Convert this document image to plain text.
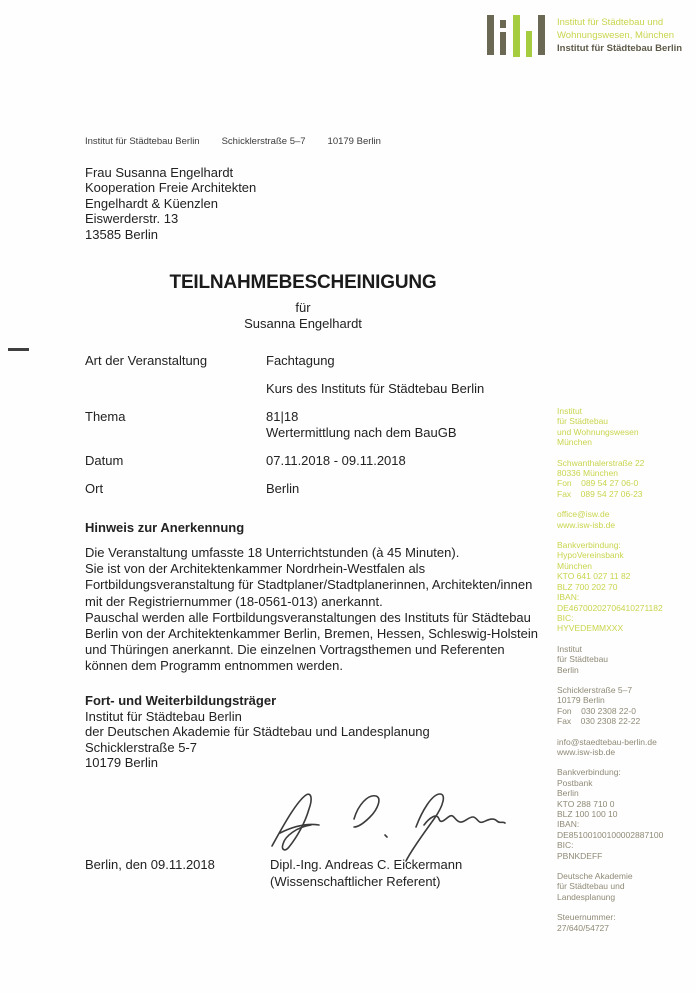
Institut für Städtebau und
Wohnungswesen, München
Institut für Städtebau Berlin
Institut für Städtebau Berlin Schicklerstraße 5–7 10179 Berlin
Frau Susanna Engelhardt
Kooperation Freie Architekten
Engelhardt & Küenzlen
Eiswerderstr. 13
13585 Berlin
TEILNAHMEBESCHEINIGUNG
für
Susanna Engelhardt
Art der Veranstaltung	Fachtagung
Kurs des Instituts für Städtebau Berlin
Thema	81|18
Wertermittlung nach dem BauGB
Datum	07.11.2018 - 09.11.2018
Ort	Berlin
Hinweis zur Anerkennung
Die Veranstaltung umfasste 18 Unterrichtstunden (à 45 Minuten).
Sie ist von der Architektenkammer Nordrhein-Westfalen als
Fortbildungsveranstaltung für Stadtplaner/Stadtplanerinnen, Architekten/innen
mit der Registriernummer (18-0561-013) anerkannt.
Pauschal werden alle Fortbildungsveranstaltungen des Instituts für Städtebau
Berlin von der Architektenkammer Berlin, Bremen, Hessen, Schleswig-Holstein
und Thüringen anerkannt. Die einzelnen Vortragsthemen und Referenten
können dem Programm entnommen werden.
Fort- und Weiterbildungsträger
Institut für Städtebau Berlin
der Deutschen Akademie für Städtebau und Landesplanung
Schicklerstraße 5-7
10179 Berlin
Berlin, den 09.11.2018	Dipl.-Ing. Andreas C. Eickermann
(Wissenschaftlicher Referent)
Institut
für Städtebau
und Wohnungswesen
München
Schwanthalerstraße 22
80336 München
Fon    089 54 27 06-0
Fax    089 54 27 06-23
office@isw.de
www.isw-isb.de
Bankverbindung:
HypoVereinsbank
München
KTO 641 027 11 82
BLZ 700 202 70
IBAN:
DE46700202706410271182
BIC:
HYVEDEMMXXX
Institut
für Städtebau
Berlin
Schicklerstraße 5–7
10179 Berlin
Fon    030 2308 22-0
Fax    030 2308 22-22
info@staedtebau-berlin.de
www.isw-isb.de
Bankverbindung:
Postbank
Berlin
KTO 288 710 0
BLZ 100 100 10
IBAN:
DE85100100100002887100
BIC:
PBNKDEFF
Deutsche Akademie
für Städtebau und
Landesplanung
Steuernummer:
27/640/54727
